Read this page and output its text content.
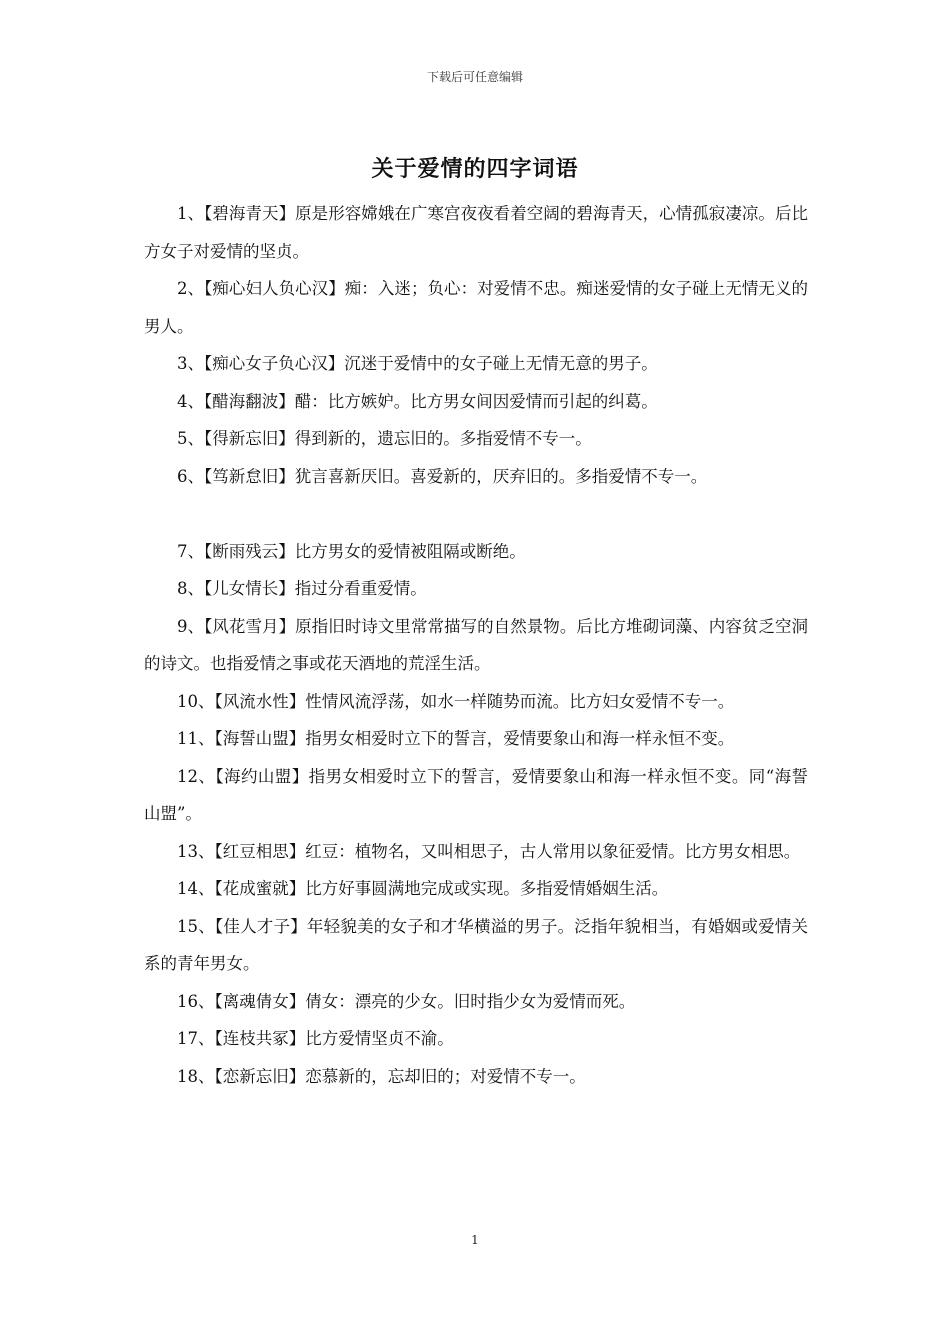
下载后可任意编辑
关于爱情的四字词语

1、【碧海青天】原是形容嫦娥在广寒宫夜夜看着空阔的碧海青天，心情孤寂凄凉。后比方女子对爱情的坚贞。

2、【痴心妇人负心汉】痴：入迷；负心：对爱情不忠。痴迷爱情的女子碰上无情无义的男人。

3、【痴心女子负心汉】沉迷于爱情中的女子碰上无情无意的男子。

4、【醋海翻波】醋：比方嫉妒。比方男女间因爱情而引起的纠葛。

5、【得新忘旧】得到新的，遗忘旧的。多指爱情不专一。

6、【笃新怠旧】犹言喜新厌旧。喜爱新的，厌弃旧的。多指爱情不专一。

7、【断雨残云】比方男女的爱情被阻隔或断绝。

8、【儿女情长】指过分看重爱情。

9、【风花雪月】原指旧时诗文里常常描写的自然景物。后比方堆砌词藻、内容贫乏空洞的诗文。也指爱情之事或花天酒地的荒淫生活。

10、【风流水性】性情风流浮荡，如水一样随势而流。比方妇女爱情不专一。

11、【海誓山盟】指男女相爱时立下的誓言，爱情要象山和海一样永恒不变。

12、【海约山盟】指男女相爱时立下的誓言，爱情要象山和海一样永恒不变。同“海誓山盟”。

13、【红豆相思】红豆：植物名，又叫相思子，古人常用以象征爱情。比方男女相思。

14、【花成蜜就】比方好事圆满地完成或实现。多指爱情婚姻生活。

15、【佳人才子】年轻貌美的女子和才华横溢的男子。泛指年貌相当，有婚姻或爱情关系的青年男女。

16、【离魂倩女】倩女：漂亮的少女。旧时指少女为爱情而死。

17、【连枝共冢】比方爱情坚贞不渝。

18、【恋新忘旧】恋慕新的，忘却旧的；对爱情不专一。

1
